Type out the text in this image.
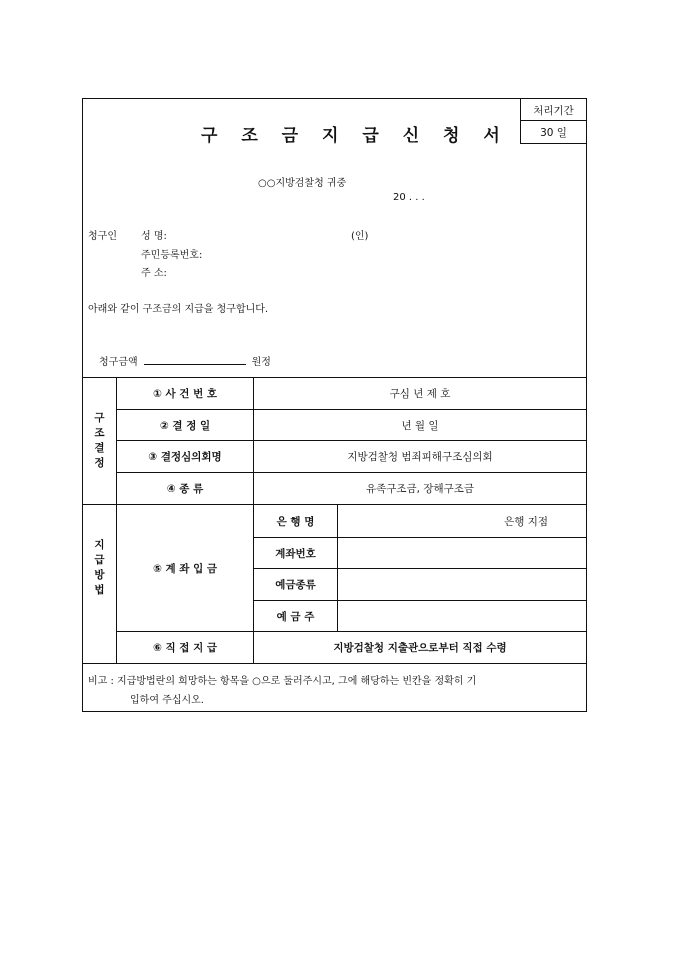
처리기간
30 일
구 조 금 지 급 신 청 서
○○지방검찰청 귀중
20 . . .
청구인 성 명:	(인)
주민등록번호:
주 소:
아래와 같이 구조금의 지급을 청구합니다.
청구금액	원정
구
조
결
정
지
급
방
법
① 사 건 번 호	구심 년 제 호
② 결 정 일	년 월 일
③ 결정심의회명	지방검찰청 범죄피해구조심의회
④ 종 류	유족구조금, 장해구조금
⑤ 계 좌 입 금
은 행 명	은행 지점
계좌번호
예금종류
예 금 주
⑥ 직 접 지 급	지방검찰청 지출관으로부터 직접 수령
비고 : 지급방법란의 희망하는 항목을 ○으로 둘러주시고, 그에 해당하는 빈칸을 정확히 기
입하여 주십시오.
